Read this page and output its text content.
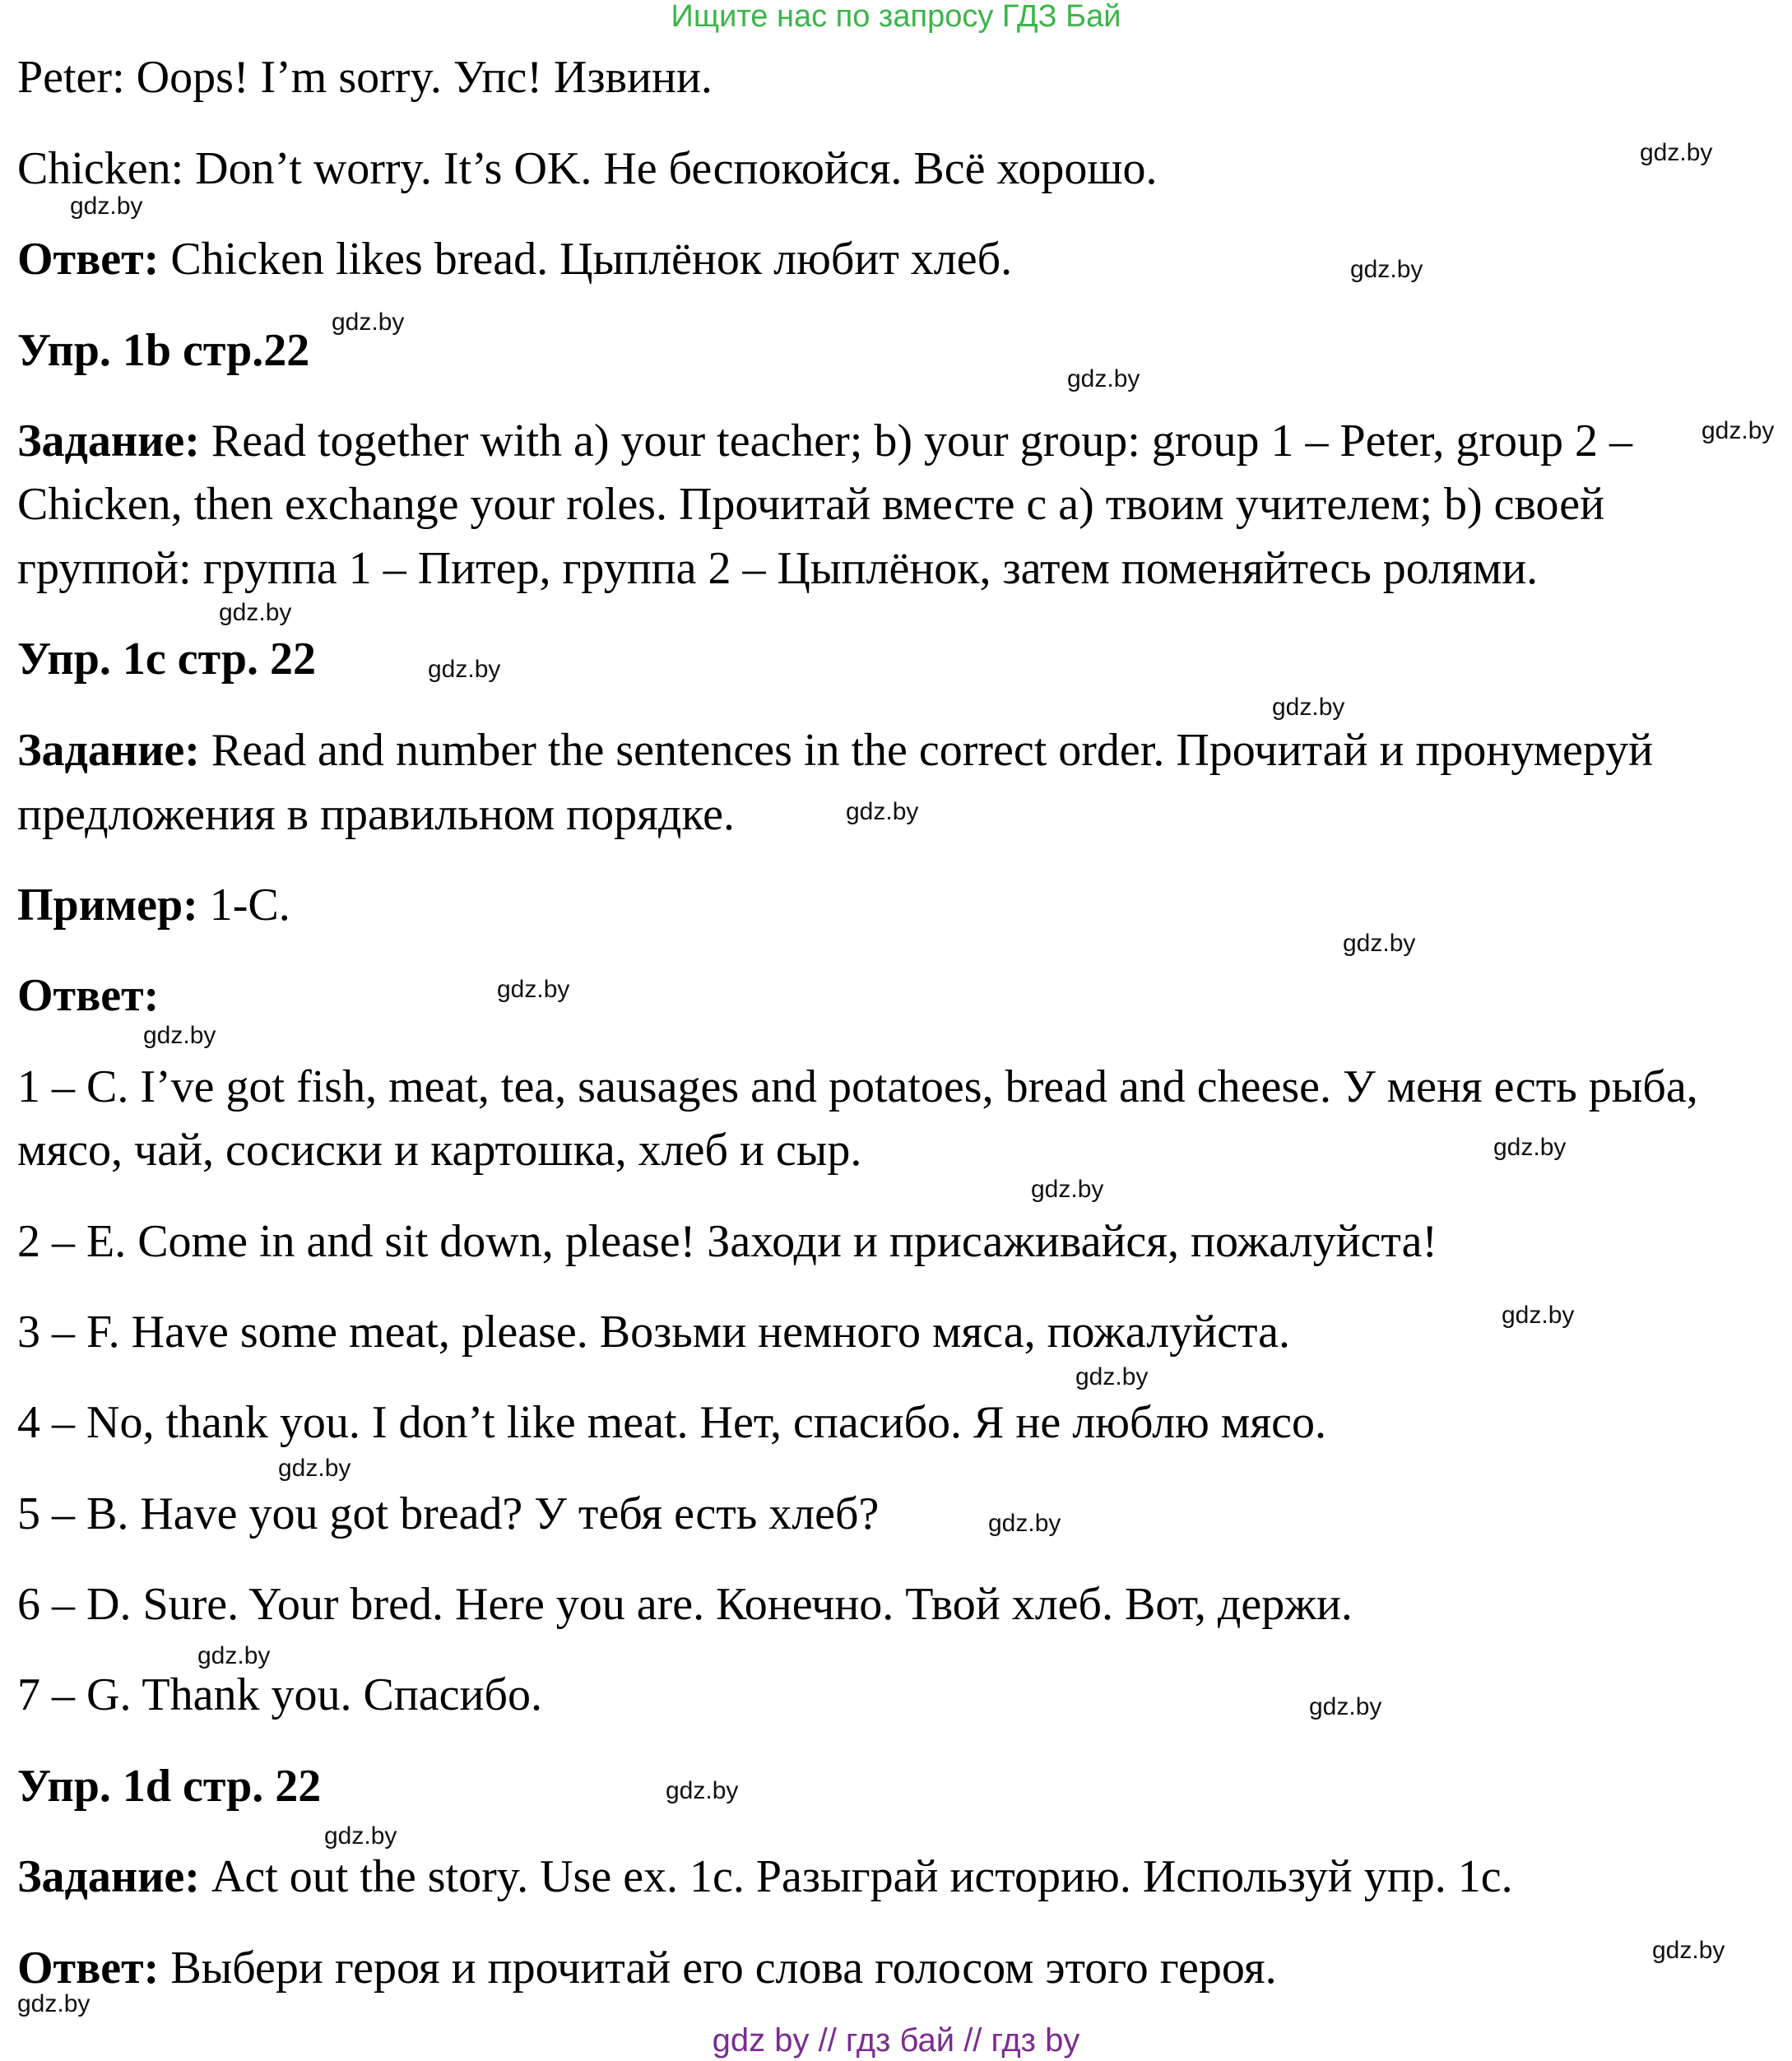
Ищите нас по запросу ГДЗ Бай
Peter: Oops! I’m sorry. Упс! Извини.
Chicken: Don’t worry. It’s OK. Не беспокойся. Всё хорошо.
Ответ: Chicken likes bread. Цыплёнок любит хлеб.
Упр. 1b стр.22
Задание: Read together with a) your teacher; b) your group: group 1 – Peter, group 2 –
Chicken, then exchange your roles. Прочитай вместе с а) твоим учителем; b) своей
группой: группа 1 – Питер, группа 2 – Цыплёнок, затем поменяйтесь ролями.
Упр. 1c стр. 22
Задание: Read and number the sentences in the correct order. Прочитай и пронумеруй
предложения в правильном порядке.
Пример: 1-C.
Ответ:
1 – C. I’ve got fish, meat, tea, sausages and potatoes, bread and cheese. У меня есть рыба,
мясо, чай, сосиски и картошка, хлеб и сыр.
2 – E. Come in and sit down, please! Заходи и присаживайся, пожалуйста!
3 – F. Have some meat, please. Возьми немного мяса, пожалуйста.
4 – No, thank you. I don’t like meat. Нет, спасибо. Я не люблю мясо.
5 – B. Have you got bread? У тебя есть хлеб?
6 – D. Sure. Your bred. Here you are. Конечно. Твой хлеб. Вот, держи.
7 – G. Thank you. Спасибо.
Упр. 1d стр. 22
Задание: Act out the story. Use ex. 1c. Разыграй историю. Используй упр. 1с.
Ответ: Выбери героя и прочитай его слова голосом этого героя.
gdz.by
gdz.by
gdz.by
gdz.by
gdz.by
gdz.by
gdz.by
gdz.by
gdz.by
gdz.by
gdz.by
gdz.by
gdz.by
gdz.by
gdz.by
gdz.by
gdz.by
gdz.by
gdz.by
gdz.by
gdz.by
gdz.by
gdz.by
gdz.by
gdz.by
gdz by // гдз бай // гдз by
